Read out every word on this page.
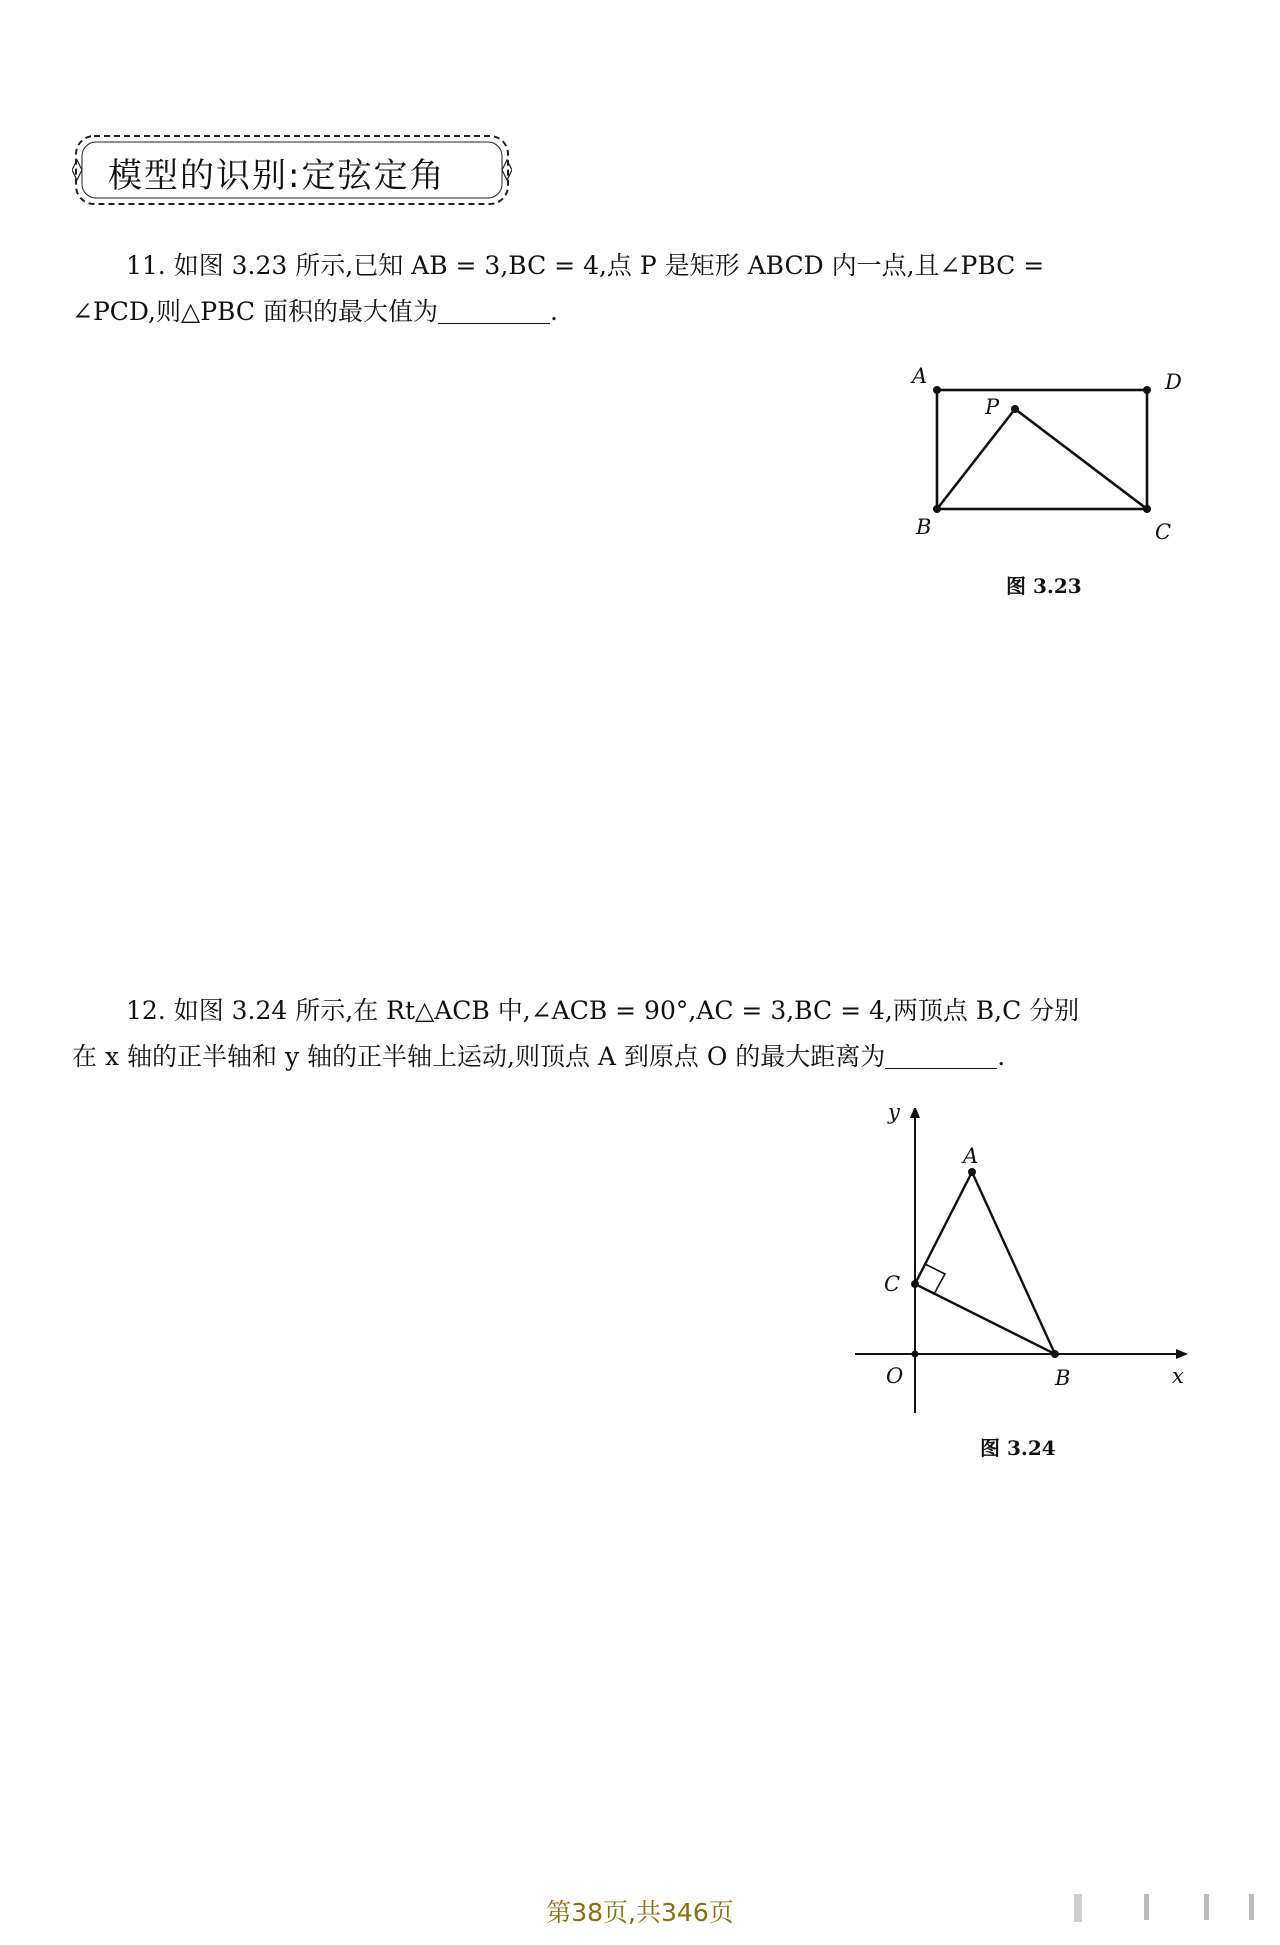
模型的识别:定弦定角
11. 如图 3.23 所示,已知 AB = 3,BC = 4,点 P 是矩形 ABCD 内一点,且∠PBC =
∠PCD,则△PBC 面积的最大值为	.
A	D
P
B	C
图 3.23
12. 如图 3.24 所示,在 Rt△ACB 中,∠ACB = 90°,AC = 3,BC = 4,两顶点 B,C 分别
在 x 轴的正半轴和 y 轴的正半轴上运动,则顶点 A 到原点 O 的最大距离为	.
y
x
O
A
C
B
图 3.24
第38页,共346页
